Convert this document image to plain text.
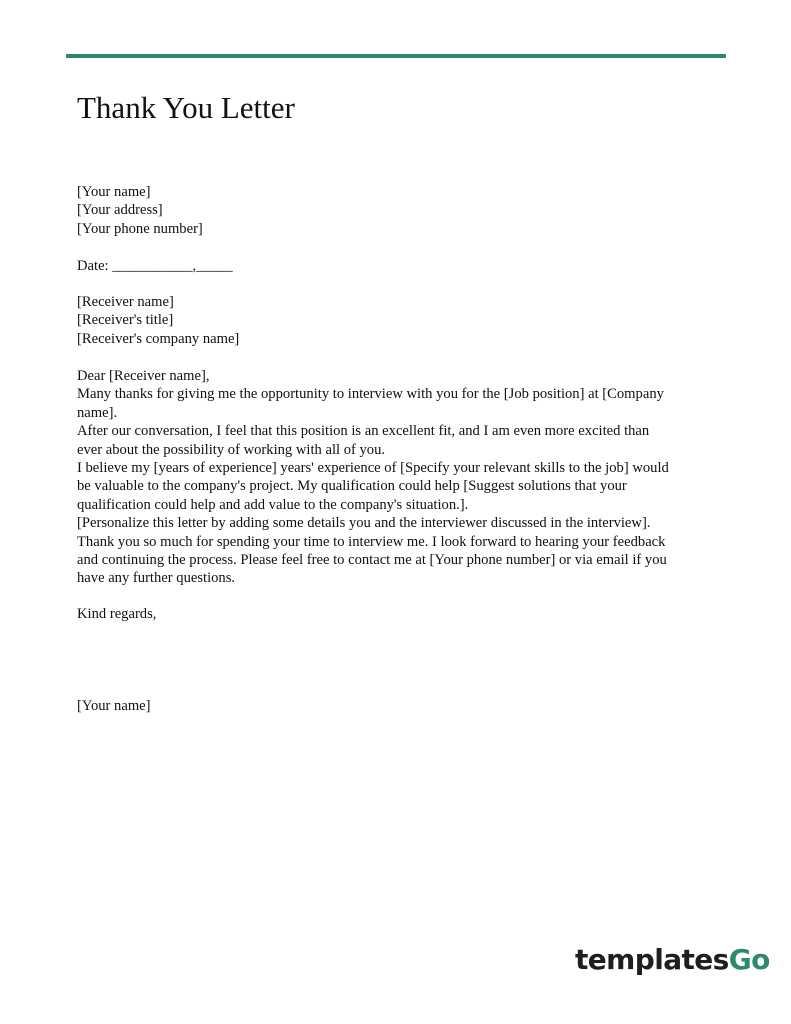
Thank You Letter
[Your name]
[Your address]
[Your phone number]
Date: ___________,_____
[Receiver name]
[Receiver's title]
[Receiver's company name]
Dear [Receiver name],
Many thanks for giving me the opportunity to interview with you for the [Job position] at [Company
name].
After our conversation, I feel that this position is an excellent fit, and I am even more excited than
ever about the possibility of working with all of you.
I believe my [years of experience] years' experience of [Specify your relevant skills to the job] would
be valuable to the company's project. My qualification could help [Suggest solutions that your
qualification could help and add value to the company's situation.].
[Personalize this letter by adding some details you and the interviewer discussed in the interview].
Thank you so much for spending your time to interview me. I look forward to hearing your feedback
and continuing the process. Please feel free to contact me at [Your phone number] or via email if you
have any further questions.
Kind regards,
[Your name]
templatesGo
